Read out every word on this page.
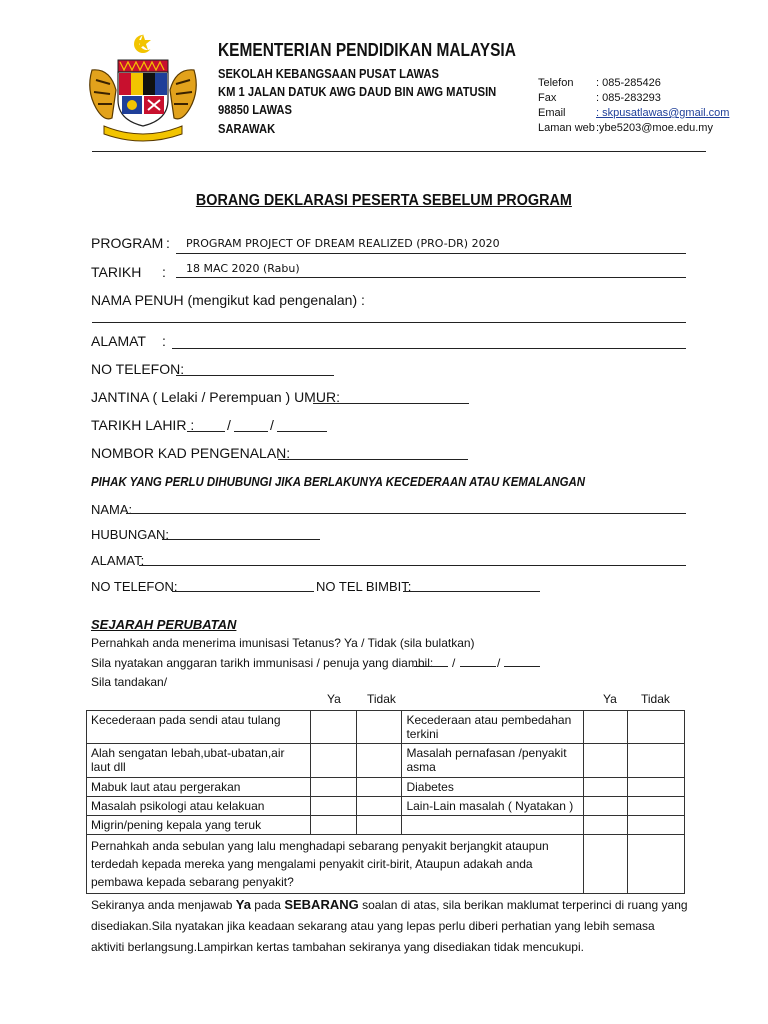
KEMENTERIAN PENDIDIKAN MALAYSIA
SEKOLAH KEBANGSAAN PUSAT LAWAS
KM 1 JALAN DATUK AWG DAUD BIN AWG MATUSIN
98850 LAWAS
SARAWAK
Telefon : 085-285426
Fax	: 085-283293
Email	: skpusatlawas@gmail.com
Laman web:ybe5203@moe.edu.my
BORANG DEKLARASI PESERTA SEBELUM PROGRAM
PROGRAM : PROGRAM PROJECT OF DREAM REALIZED (PRO-DR) 2020
TARIKH : 18 MAC 2020 (Rabu)
NAMA PENUH (mengikut kad pengenalan) :
ALAMAT :
NO TELEFON:
JANTINA ( Lelaki / Perempuan ) UMUR:
TARIKH LAHIR : /	/
NOMBOR KAD PENGENALAN:
PIHAK YANG PERLU DIHUBUNGI JIKA BERLAKUNYA KECEDERAAN ATAU KEMALANGAN
NAMA:
HUBUNGAN:
ALAMAT:
NO TELEFON:	NO TEL BIMBIT:
SEJARAH PERUBATAN
Pernahkah anda menerima imunisasi Tetanus? Ya / Tidak (sila bulatkan)
Sila nyatakan anggaran tarikh immunisasi / penuja yang diambil: /	/
Sila tandakan/
Ya Tidak	Ya Tidak
Kecederaan pada sendi atau tulang			Kecederaan atau pembedahan terkini		
Alah sengatan lebah,ubat-ubatan,air laut dll			Masalah pernafasan /penyakit asma		
Mabuk laut atau pergerakan			Diabetes		
Masalah psikologi atau kelakuan			Lain-Lain masalah ( Nyatakan )		
Migrin/pening kepala yang teruk					
Pernahkah anda sebulan yang lalu menghadapi sebarang penyakit berjangkit ataupun terdedah kepada mereka yang mengalami penyakit cirit-birit, Ataupun adakah anda pembawa kepada sebarang penyakit?					
Sekiranya anda menjawab Ya pada SEBARANG soalan di atas, sila berikan maklumat terperinci di ruang yang disediakan.Sila nyatakan jika keadaan sekarang atau yang lepas perlu diberi perhatian yang lebih semasa aktiviti berlangsung.Lampirkan kertas tambahan sekiranya yang disediakan tidak mencukupi.
